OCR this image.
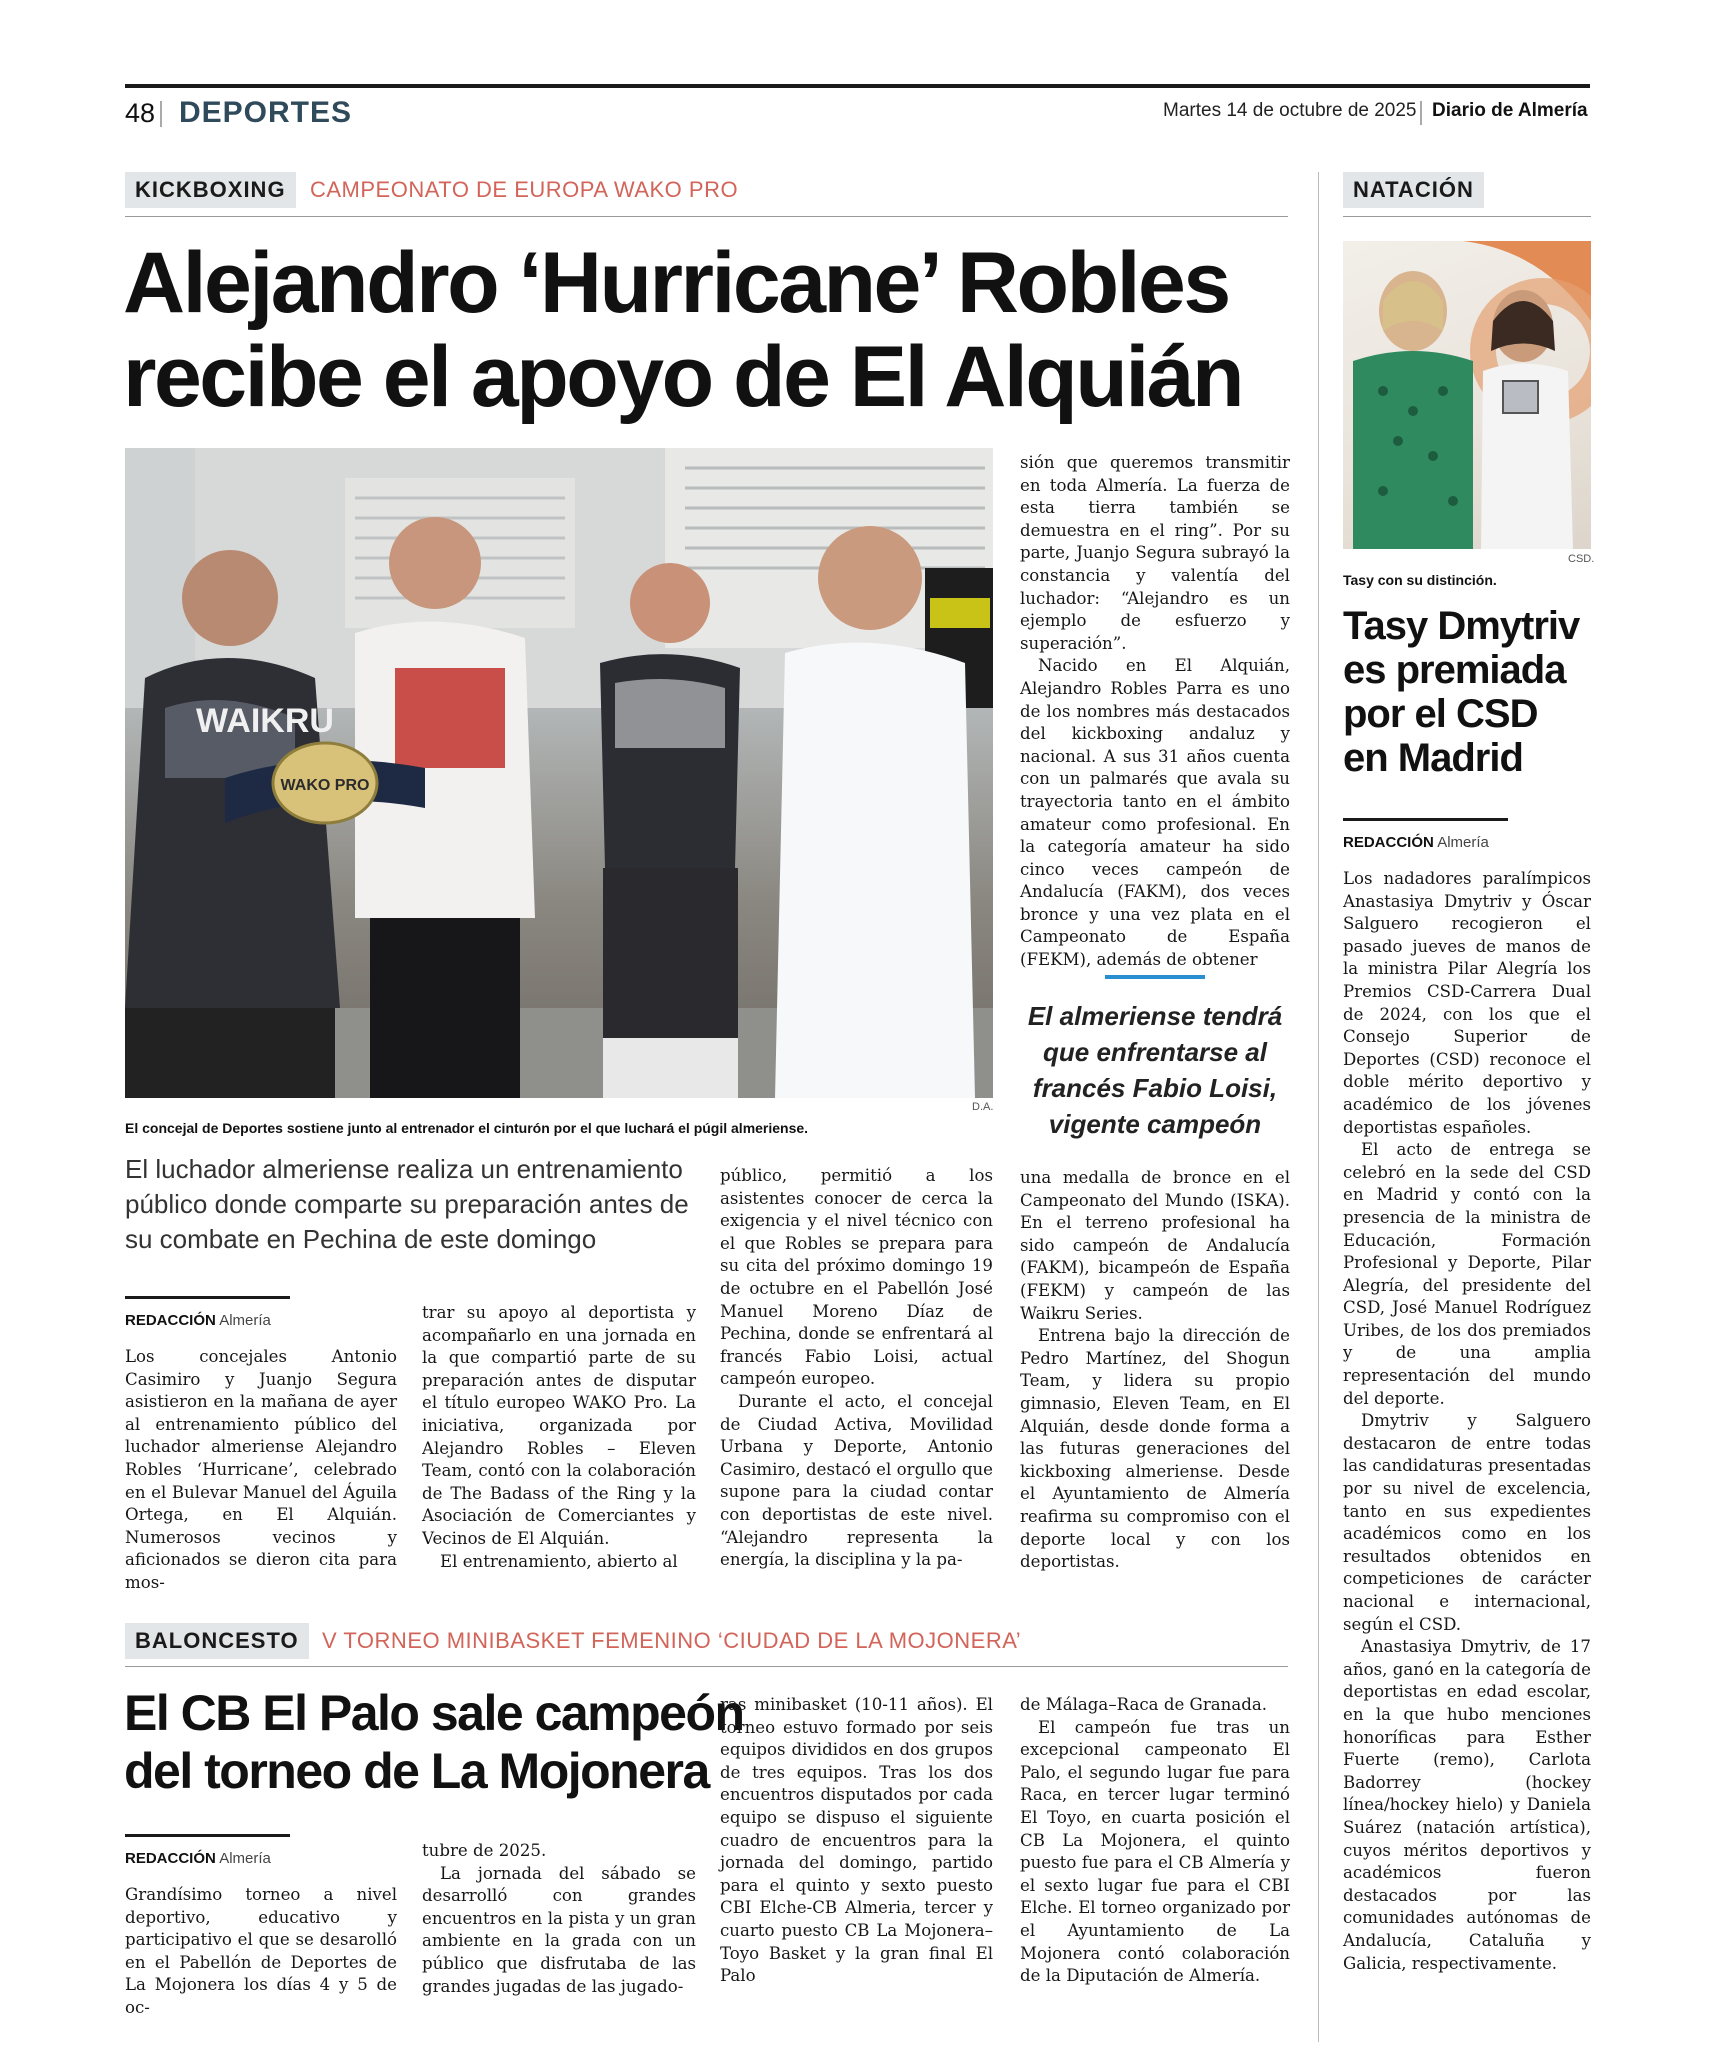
48 DEPORTES	Martes 14 de octubre de 2025 Diario de Almería
KICKBOXING	CAMPEONATO DE EUROPA WAKO PRO
Alejandro ‘Hurricane’ Robles
recibe el apoyo de El Alquián
WAKO PRO
WAIKRU
D.A.
El concejal de Deportes sostiene junto al entrenador el cinturón por el que luchará el púgil almeriense.
El luchador almeriense realiza un entrenamiento público donde comparte su preparación antes de su combate en Pechina de este domingo
REDACCIÓN Almería

Los concejales Antonio Casimiro y Juanjo Segura asistieron en la mañana de ayer al entrenamiento público del luchador almeriense Alejandro Robles ‘Hurricane’, celebrado en el Bulevar Manuel del Águila Ortega, en El Alquián. Numerosos vecinos y aficionados se dieron cita para mos-

trar su apoyo al deportista y acompañarlo en una jornada en la que compartió parte de su preparación antes de disputar el título europeo WAKO Pro. La iniciativa, organizada por Alejandro Robles – Eleven Team, contó con la colaboración de The Badass of the Ring y la Asociación de Comerciantes y Vecinos de El Alquián.

El entrenamiento, abierto al

público, permitió a los asistentes conocer de cerca la exigencia y el nivel técnico con el que Robles se prepara para su cita del próximo domingo 19 de octubre en el Pabellón José Manuel Moreno Díaz de Pechina, donde se enfrentará al francés Fabio Loisi, actual campeón europeo.

Durante el acto, el concejal de Ciudad Activa, Movilidad Urbana y Deporte, Antonio Casimiro, destacó el orgullo que supone para la ciudad contar con deportistas de este nivel. “Alejandro representa la energía, la disciplina y la pa-

sión que queremos transmitir en toda Almería. La fuerza de esta tierra también se demuestra en el ring”. Por su parte, Juanjo Segura subrayó la constancia y valentía del luchador: “Alejandro es un ejemplo de esfuerzo y superación”.

Nacido en El Alquián, Alejandro Robles Parra es uno de los nombres más destacados del kickboxing andaluz y nacional. A sus 31 años cuenta con un palmarés que avala su trayectoria tanto en el ámbito amateur como profesional. En la categoría amateur ha sido cinco veces campeón de Andalucía (FAKM), dos veces bronce y una vez plata en el Campeonato de España (FEKM), además de obtener

El almeriense tendrá que enfrentarse al francés Fabio Loisi, vigente campeón

una medalla de bronce en el Campeonato del Mundo (ISKA). En el terreno profesional ha sido campeón de Andalucía (FAKM), bicampeón de España (FEKM) y campeón de las Waikru Series.

Entrena bajo la dirección de Pedro Martínez, del Shogun Team, y lidera su propio gimnasio, Eleven Team, en El Alquián, desde donde forma a las futuras generaciones del kickboxing almeriense. Desde el Ayuntamiento de Almería reafirma su compromiso con el deporte local y con los deportistas.

BALONCESTO	V TORNEO MINIBASKET FEMENINO ‘CIUDAD DE LA MOJONERA’
El CB El Palo sale campeón
del torneo de La Mojonera
REDACCIÓN Almería

Grandísimo torneo a nivel deportivo, educativo y participativo el que se desarolló en el Pabellón de Deportes de La Mojonera los días 4 y 5 de oc-

tubre de 2025.

La jornada del sábado se desarrolló con grandes encuentros en la pista y un gran ambiente en la grada con un público que disfrutaba de las grandes jugadas de las jugado-

ras minibasket (10-11 años). El torneo estuvo formado por seis equipos divididos en dos grupos de tres equipos. Tras los dos encuentros disputados por cada equipo se dispuso el siguiente cuadro de encuentros para la jornada del domingo, partido para el quinto y sexto puesto CBI Elche-CB Almeria, tercer y cuarto puesto CB La Mojonera–Toyo Basket y la gran final El Palo

de Málaga–Raca de Granada.

El campeón fue tras un excepcional campeonato El Palo, el segundo lugar fue para Raca, en tercer lugar terminó El Toyo, en cuarta posición el CB La Mojonera, el quinto puesto fue para el CB Almería y el sexto lugar fue para el CBI Elche. El torneo organizado por el Ayuntamiento de La Mojonera contó colaboración de la Diputación de Almería.

NATACIÓN
CSD.
Tasy con su distinción.
Tasy Dmytriv es premiada por el CSD en Madrid
REDACCIÓN Almería

Los nadadores paralímpicos Anastasiya Dmytriv y Óscar Salguero recogieron el pasado jueves de manos de la ministra Pilar Alegría los Premios CSD-Carrera Dual de 2024, con los que el Consejo Superior de Deportes (CSD) reconoce el doble mérito deportivo y académico de los jóvenes deportistas españoles.

El acto de entrega se celebró en la sede del CSD en Madrid y contó con la presencia de la ministra de Educación, Formación Profesional y Deporte, Pilar Alegría, del presidente del CSD, José Manuel Rodríguez Uribes, de los dos premiados y de una amplia representación del mundo del deporte.

Dmytriv y Salguero destacaron de entre todas las candidaturas presentadas por su nivel de excelencia, tanto en sus expedientes académicos como en los resultados obtenidos en competiciones de carácter nacional e internacional, según el CSD.

Anastasiya Dmytriv, de 17 años, ganó en la categoría de deportistas en edad escolar, en la que hubo menciones honoríficas para Esther Fuerte (remo), Carlota Badorrey (hockey línea/hockey hielo) y Daniela Suárez (natación artística), cuyos méritos deportivos y académicos fueron destacados por las comunidades autónomas de Andalucía, Cataluña y Galicia, respectivamente.
